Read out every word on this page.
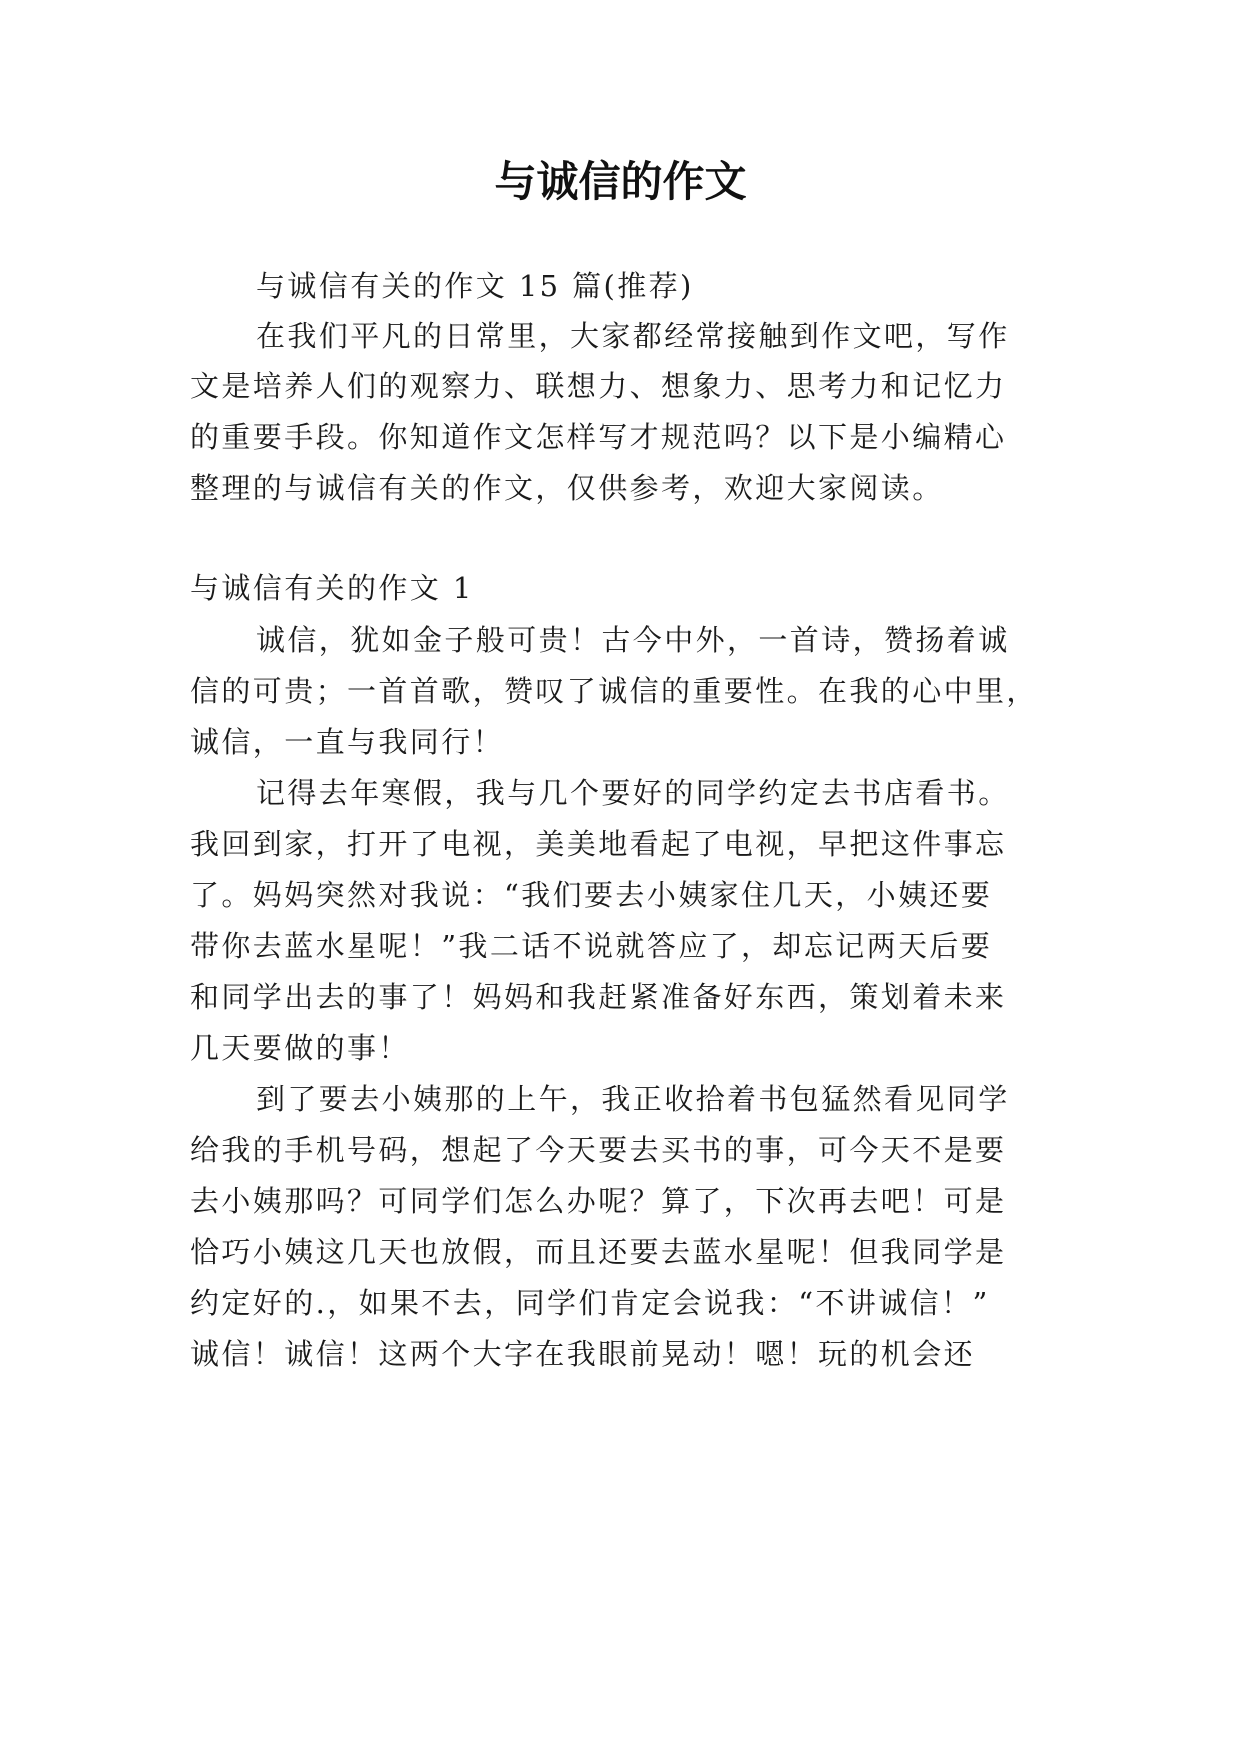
与诚信的作文

与诚信有关的作文 15 篇(推荐)

在我们平凡的日常里，大家都经常接触到作文吧，写作

文是培养人们的观察力、联想力、想象力、思考力和记忆力

的重要手段。你知道作文怎样写才规范吗？以下是小编精心

整理的与诚信有关的作文，仅供参考，欢迎大家阅读。

与诚信有关的作文 1

诚信，犹如金子般可贵！古今中外，一首诗，赞扬着诚

信的可贵；一首首歌，赞叹了诚信的重要性。在我的心中里，

诚信，一直与我同行！

记得去年寒假，我与几个要好的同学约定去书店看书。

我回到家，打开了电视，美美地看起了电视，早把这件事忘

了。妈妈突然对我说：“我们要去小姨家住几天，小姨还要

带你去蓝水星呢！”我二话不说就答应了，却忘记两天后要

和同学出去的事了！妈妈和我赶紧准备好东西，策划着未来

几天要做的事！

到了要去小姨那的上午，我正收拾着书包猛然看见同学

给我的手机号码，想起了今天要去买书的事，可今天不是要

去小姨那吗？可同学们怎么办呢？算了，下次再去吧！可是

恰巧小姨这几天也放假，而且还要去蓝水星呢！但我同学是

约定好的.，如果不去，同学们肯定会说我：“不讲诚信！”

诚信！诚信！这两个大字在我眼前晃动！嗯！玩的机会还
